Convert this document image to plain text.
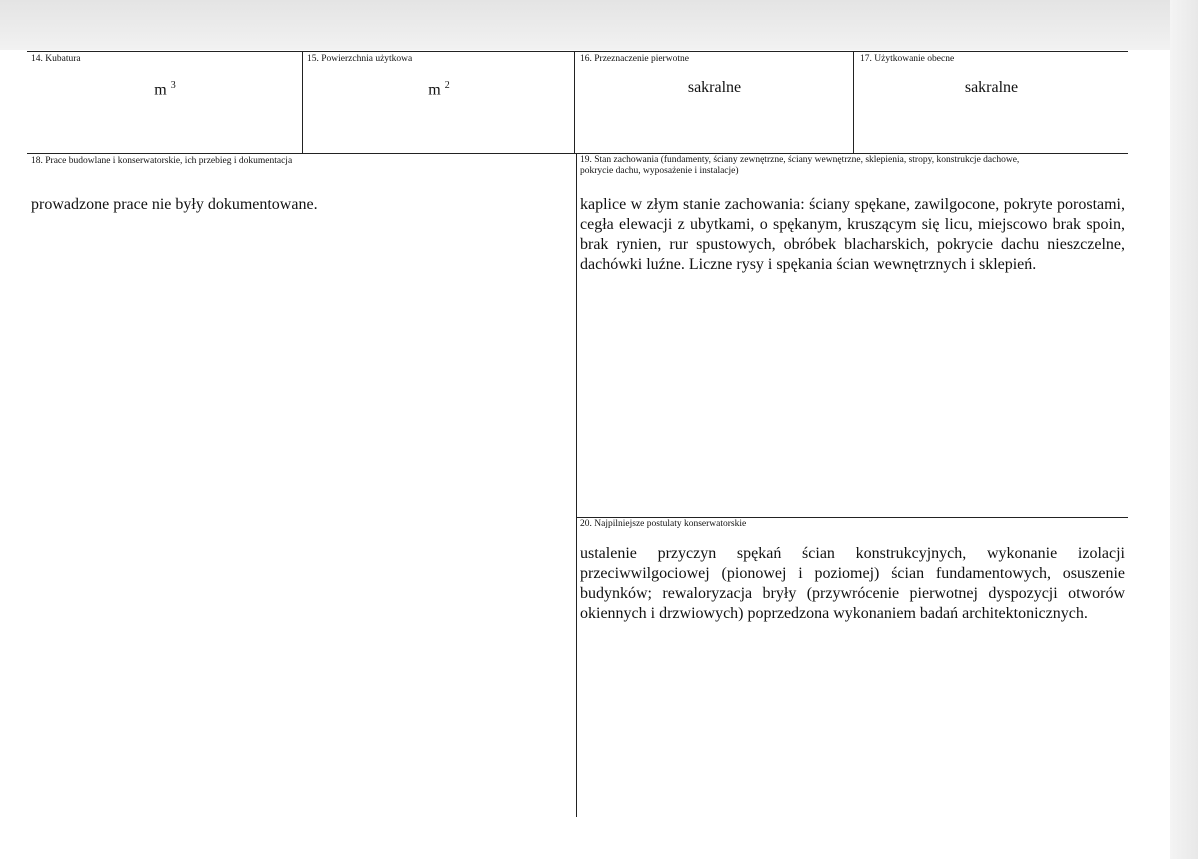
14. Kubatura
m $^3$
15. Powierzchnia użytkowa
m $^2$
16. Przeznaczenie pierwotne
sakralne
17. Użytkowanie obecne
sakralne
18. Prace budowlane i konserwatorskie, ich przebieg i dokumentacja
prowadzone prace nie były dokumentowane.
19. Stan zachowania (fundamenty, ściany zewnętrzne, ściany wewnętrzne, sklepienia, stropy, konstrukcje dachowe,
pokrycie dachu, wyposażenie i instalacje)
kaplice w złym stanie zachowania: ściany spękane, zawilgocone, pokryte porostami, cegła elewacji z ubytkami, o spękanym, kruszącym się licu, miejscowo brak spoin, brak rynien, rur spustowych, obróbek blacharskich, pokrycie dachu nieszczelne, dachówki luźne. Liczne rysy i spękania ścian wewnętrznych i sklepień.
20. Najpilniejsze postulaty konserwatorskie
ustalenie przyczyn spękań ścian konstrukcyjnych, wykonanie izolacji przeciwwilgociowej (pionowej i poziomej) ścian fundamentowych, osuszenie budynków; rewaloryzacja bryły (przywrócenie pierwotnej dyspozycji otworów okiennych i drzwiowych) poprzedzona wykonaniem badań architektonicznych.
